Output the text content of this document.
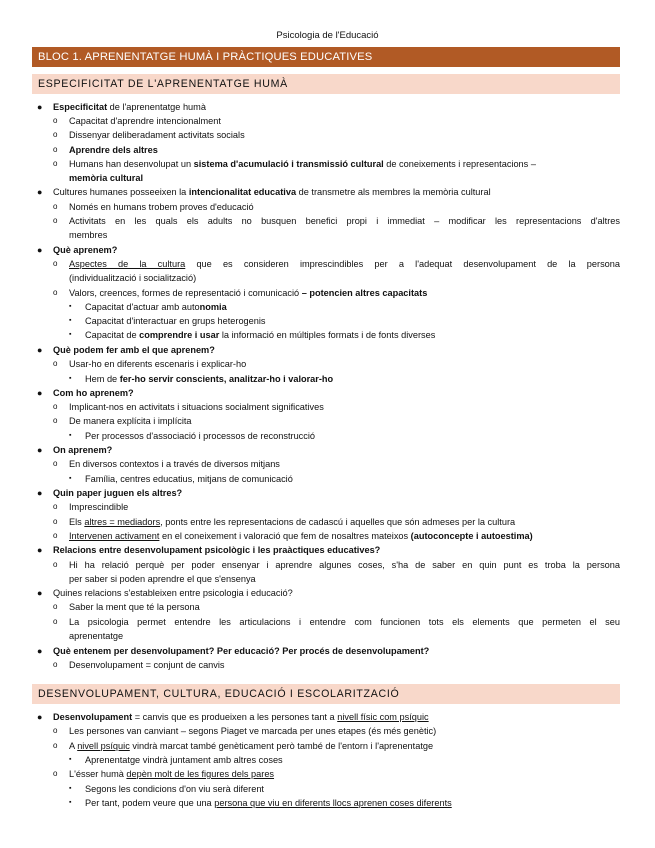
Psicologia de l'Educació
BLOC 1. APRENENTATGE HUMÀ I PRÀCTIQUES EDUCATIVES
ESPECIFICITAT DE L'APRENENTATGE HUMÀ
● Especificitat de l'aprenentatge humà
o Capacitat d'aprendre intencionalment
o Dissenyar deliberadament activitats socials
o Aprendre dels altres
o Humans han desenvolupat un sistema d'acumulació i transmissió cultural de coneixements i representacions –
memòria cultural
● Cultures humanes posseeixen la intencionalitat educativa de transmetre als membres la memòria cultural
o Només en humans trobem proves d'educació
o Activitats en les quals els adults no busquen benefici propi i immediat – modificar les representacions d'altres
membres
● Què aprenem?
o Aspectes de la cultura que es consideren imprescindibles per a l'adequat desenvolupament de la persona
(individualització i socialització)
o Valors, creences, formes de representació i comunicació – potencien altres capacitats
▪ Capacitat d'actuar amb autonomia
▪ Capacitat d'interactuar en grups heterogenis
▪ Capacitat de comprendre i usar la informació en múltiples formats i de fonts diverses
● Què podem fer amb el que aprenem?
o Usar-ho en diferents escenaris i explicar-ho
▪ Hem de fer-ho servir conscients, analitzar-ho i valorar-ho
● Com ho aprenem?
o Implicant-nos en activitats i situacions socialment significatives
o De manera explícita i implícita
▪ Per processos d'associació i processos de reconstrucció
● On aprenem?
o En diversos contextos i a través de diversos mitjans
▪ Família, centres educatius, mitjans de comunicació
● Quin paper juguen els altres?
o Imprescindible
o Els altres = mediadors, ponts entre les representacions de cadascú i aquelles que són admeses per la cultura
o Intervenen activament en el coneixement i valoració que fem de nosaltres mateixos (autoconcepte i autoestima)
● Relacions entre desenvolupament psicològic i les praàctiques educatives?
o Hi ha relació perquè per poder ensenyar i aprendre algunes coses, s'ha de saber en quin punt es troba la persona
per saber si poden aprendre el que s'ensenya
● Quines relacions s'estableixen entre psicologia i educació?
o Saber la ment que té la persona
o La psicologia permet entendre les articulacions i entendre com funcionen tots els elements que permeten el seu
aprenentatge
● Què entenem per desenvolupament? Per educació? Per procés de desenvolupament?
o Desenvolupament = conjunt de canvis
DESENVOLUPAMENT, CULTURA, EDUCACIÓ I ESCOLARITZACIÓ
● Desenvolupament = canvis que es produeixen a les persones tant a nivell físic com psíquic
o Les persones van canviant – segons Piaget ve marcada per unes etapes (és més genètic)
o A nivell psíquic vindrà marcat també genèticament però també de l'entorn i l'aprenentatge
▪ Aprenentatge vindrà juntament amb altres coses
o L'ésser humà depèn molt de les figures dels pares
▪ Segons les condicions d'on viu serà diferent
▪ Per tant, podem veure que una persona que viu en diferents llocs aprenen coses diferents
